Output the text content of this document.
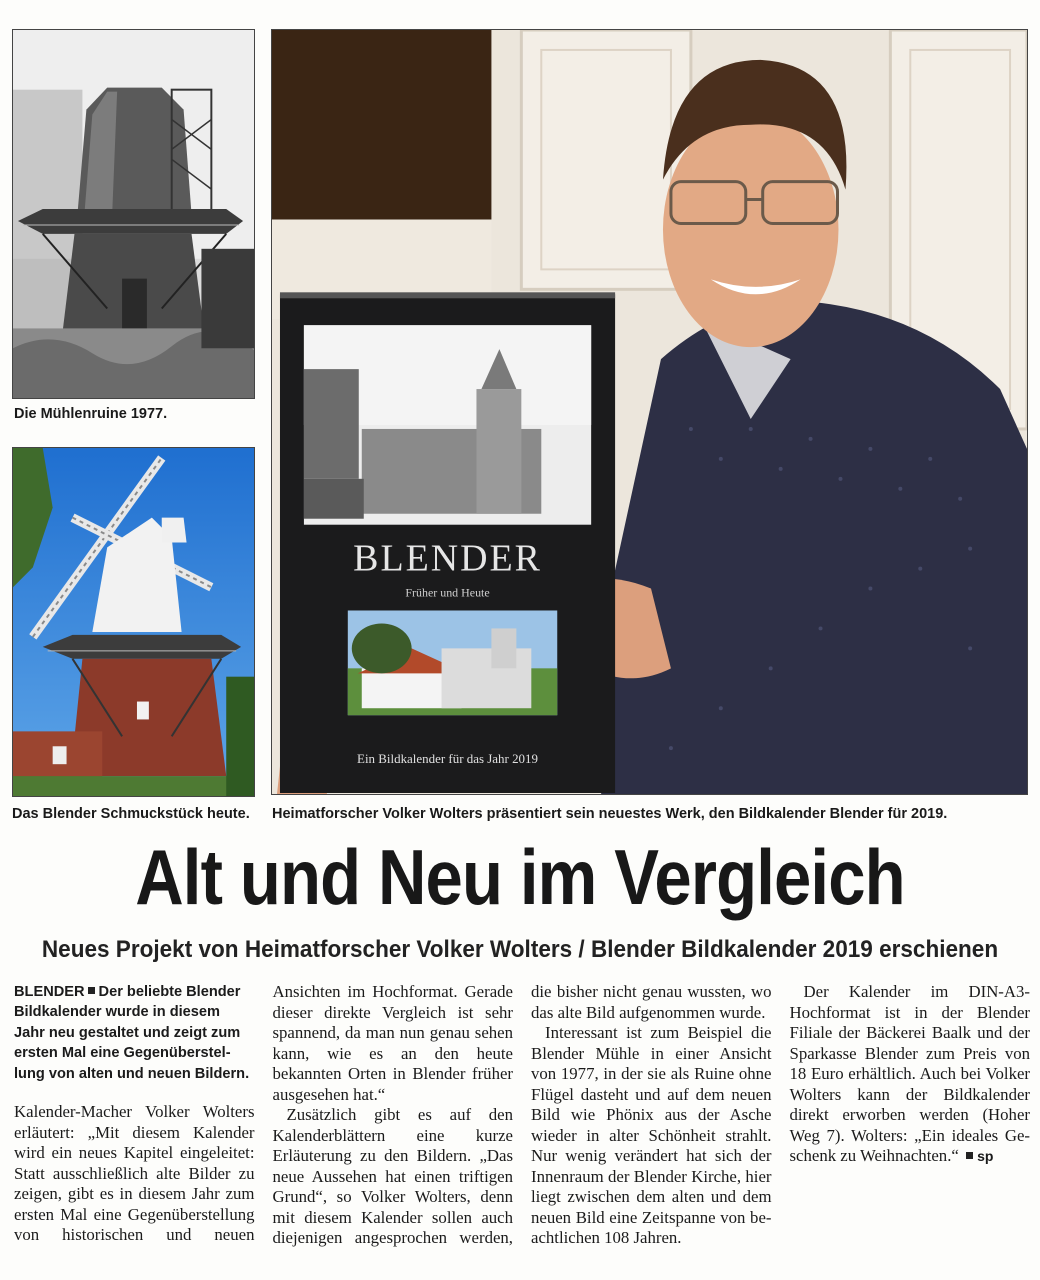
Die Mühlenruine 1977.
Das Blender Schmuckstück heute.
BLENDER
Früher und Heute
Ein Bildkalender für das Jahr 2019
Heimatforscher Volker Wolters präsentiert sein neuestes Werk, den Bildkalender Blender für 2019.
Alt und Neu im Vergleich
Neues Projekt von Heimatforscher Volker Wolters / Blender Bildkalender 2019 erschienen

BLENDER Der beliebte Blender Bildkalender wurde in diesem Jahr neu gestaltet und zeigt zum ersten Mal eine Gegenüberstellung von alten und neuen Bildern.

Kalender-Macher Volker Wolters erläutert: „Mit diesem Kalender wird ein neues Kapitel eingeleitet: Statt ausschließlich alte Bilder zu zeigen, gibt es in diesem Jahr zum ersten Mal eine Gegenüberstellung von historischen und neuen Ansichten im Hochformat. Gerade dieser direkte Vergleich ist sehr spannend, da man nun genau sehen kann, wie es an den heute bekannten Orten in Blender früher ausgesehen hat.“

Zusätzlich gibt es auf den Kalenderblättern eine kurze Erläuterung zu den Bildern. „Das neue Aussehen hat einen triftigen Grund“, so Volker Wolters, denn mit diesem Kalender sollen auch diejenigen angesprochen werden, die bisher nicht genau wussten, wo das alte Bild aufgenommen wurde.

Interessant ist zum Beispiel die Blender Mühle in einer Ansicht von 1977, in der sie als Ruine ohne Flügel dasteht und auf dem neuen Bild wie Phönix aus der Asche wieder in alter Schönheit strahlt. Nur wenig verändert hat sich der Innenraum der Blender Kirche, hier liegt zwischen dem alten und dem neuen Bild eine Zeitspanne von beachtlichen 108 Jahren.

Der Kalender im DIN-A3-Hochformat ist in der Blender Filiale der Bäckerei Baalk und der Sparkasse Blender zum Preis von 18 Euro erhältlich. Auch bei Volker Wolters kann der Bildkalender direkt erworben werden (Hoher Weg 7). Wolters: „Ein ideales Geschenk zu Weihnachten.“ sp
